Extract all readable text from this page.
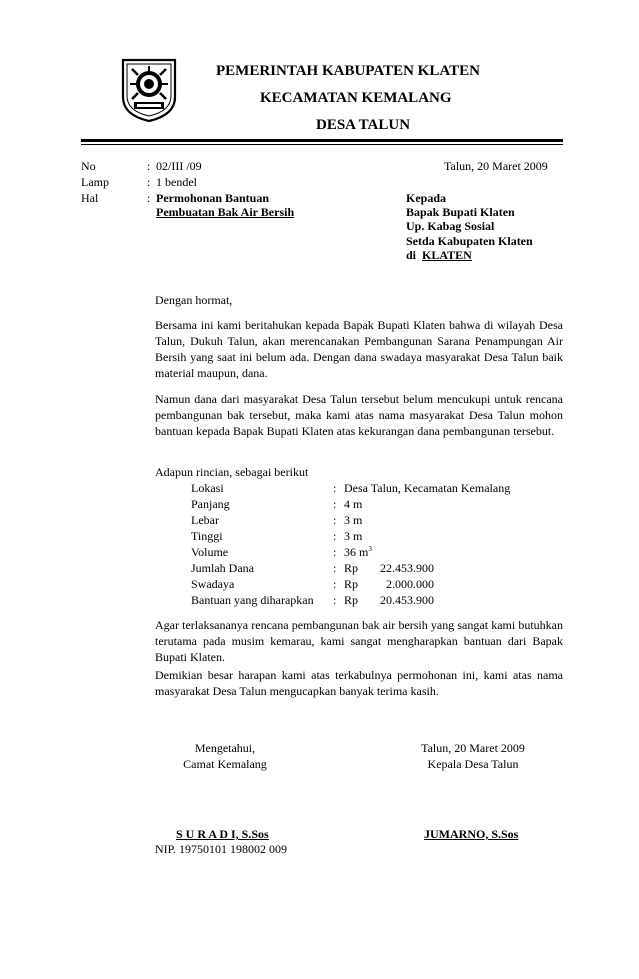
PEMERINTAH KABUPATEN KLATEN
KECAMATAN KEMALANG
DESA TALUN
No	: 02/III /09	Talun, 20 Maret 2009
Lamp	: 1 bendel
Hal	: Permohonan Bantuan
Pembuatan Bak Air Bersih
Kepada
Bapak Bupati Klaten
Up. Kabag Sosial
Setda Kabupaten Klaten
di KLATEN
Dengan hormat,
Bersama ini kami beritahukan kepada Bapak Bupati Klaten bahwa di wilayah Desa Talun, Dukuh Talun, akan merencanakan Pembangunan Sarana Penampungan Air Bersih yang saat ini belum ada. Dengan dana swadaya masyarakat Desa Talun baik material maupun, dana.
Namun dana dari masyarakat Desa Talun tersebut belum mencukupi untuk rencana pembangunan bak tersebut, maka kami atas nama masyarakat Desa Talun mohon bantuan kepada Bapak Bupati Klaten atas kekurangan dana pembangunan tersebut.
Adapun rincian, sebagai berikut
Lokasi	: Desa Talun, Kecamatan Kemalang
Panjang	: 4 m
Lebar	: 3 m
Tinggi	: 3 m
Volume	: 36 $m^3$
Jumlah Dana	: Rp	22.453.900
Swadaya	: Rp	2.000.000
Bantuan yang diharapkan : Rp	20.453.900
Agar terlaksananya rencana pembangunan bak air bersih yang sangat kami butuhkan terutama pada musim kemarau, kami sangat mengharapkan bantuan dari Bapak Bupati Klaten.
Demikian besar harapan kami atas terkabulnya permohonan ini, kami atas nama masyarakat Desa Talun mengucapkan banyak terima kasih.
Mengetahui,
Camat Kemalang
Talun, 20 Maret 2009
Kepala Desa Talun
S U R A D I, S.Sos
NIP. 19750101 198002 009
JUMARNO, S.Sos
